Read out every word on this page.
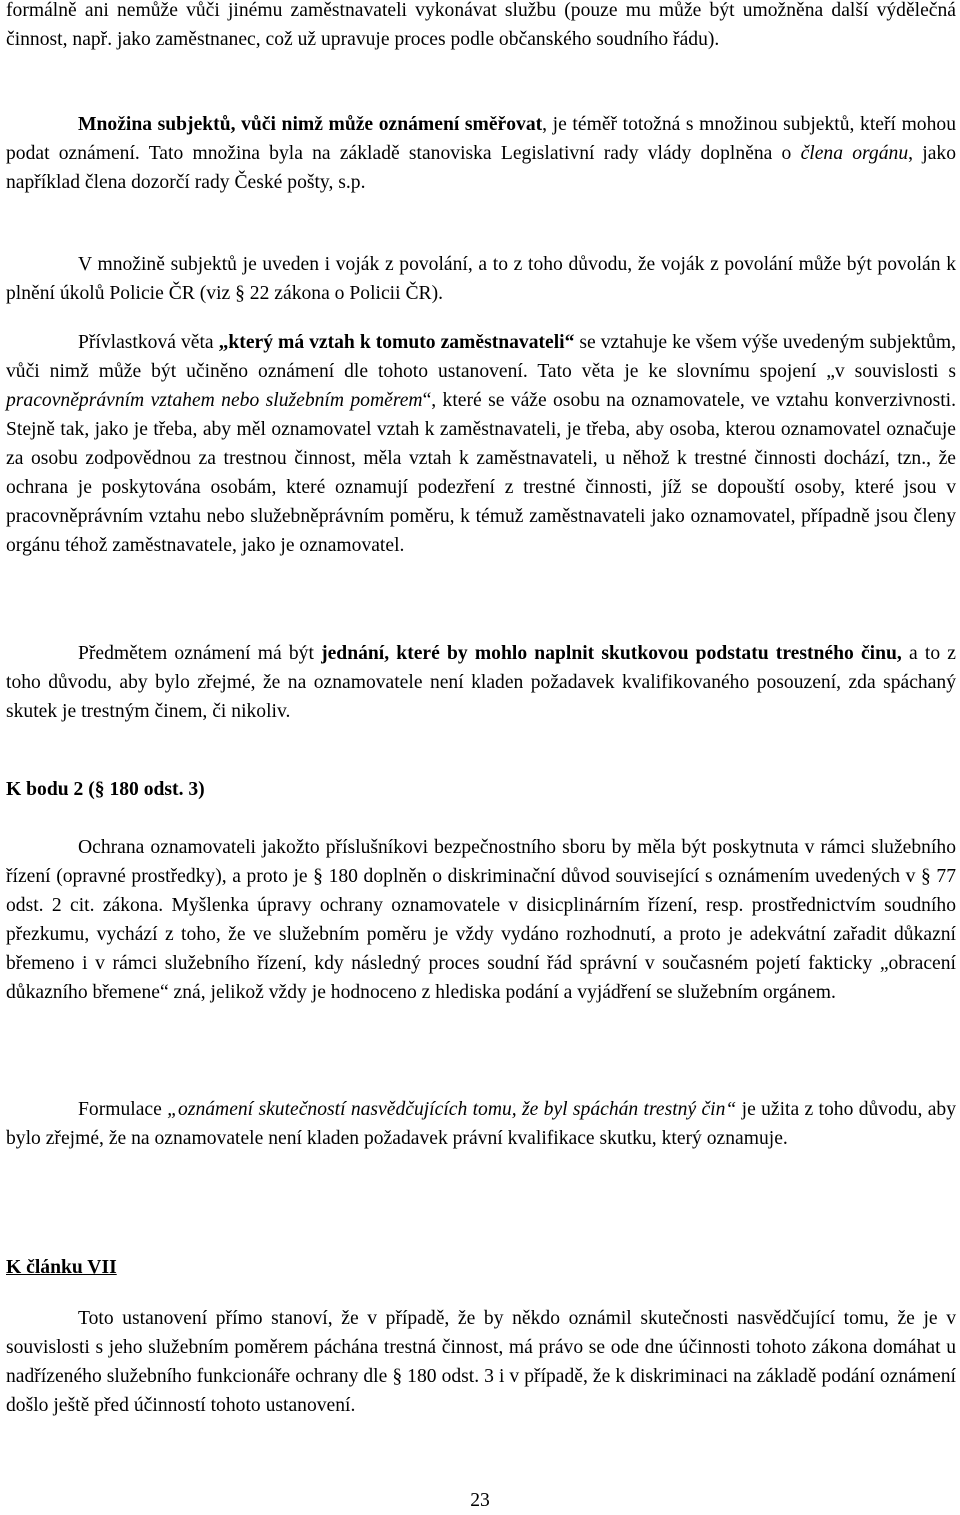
formálně ani nemůže vůči jinému zaměstnavateli vykonávat službu (pouze mu může být umožněna další výdělečná činnost, např. jako zaměstnanec, což už upravuje proces podle občanského soudního řádu).

Množina subjektů, vůči nimž může oznámení směřovat, je téměř totožná s množinou subjektů, kteří mohou podat oznámení. Tato množina byla na základě stanoviska Legislativní rady vlády doplněna o člena orgánu, jako například člena dozorčí rady České pošty, s.p.

V množině subjektů je uveden i voják z povolání, a to z toho důvodu, že voják z povolání může být povolán k plnění úkolů Policie ČR (viz § 22 zákona o Policii ČR).

Přívlastková věta „který má vztah k tomuto zaměstnavateli“ se vztahuje ke všem výše uvedeným subjektům, vůči nimž může být učiněno oznámení dle tohoto ustanovení. Tato věta je ke slovnímu spojení „v souvislosti s pracovněprávním vztahem nebo služebním poměrem“, které se váže osobu na oznamovatele, ve vztahu konverzivnosti. Stejně tak, jako je třeba, aby měl oznamovatel vztah k zaměstnavateli, je třeba, aby osoba, kterou oznamovatel označuje za osobu zodpovědnou za trestnou činnost, měla vztah k zaměstnavateli, u něhož k trestné činnosti dochází, tzn., že ochrana je poskytována osobám, které oznamují podezření z trestné činnosti, jíž se dopouští osoby, které jsou v pracovněprávním vztahu nebo služebněprávním poměru, k témuž zaměstnavateli jako oznamovatel, případně jsou členy orgánu téhož zaměstnavatele, jako je oznamovatel.

Předmětem oznámení má být jednání, které by mohlo naplnit skutkovou podstatu trestného činu, a to z toho důvodu, aby bylo zřejmé, že na oznamovatele není kladen požadavek kvalifikovaného posouzení, zda spáchaný skutek je trestným činem, či nikoliv.

K bodu 2 (§ 180 odst. 3)

Ochrana oznamovateli jakožto příslušníkovi bezpečnostního sboru by měla být poskytnuta v rámci služebního řízení (opravné prostředky), a proto je § 180 doplněn o diskriminační důvod související s oznámením uvedených v § 77 odst. 2 cit. zákona. Myšlenka úpravy ochrany oznamovatele v disicplinárním řízení, resp. prostřednictvím soudního přezkumu, vychází z toho, že ve služebním poměru je vždy vydáno rozhodnutí, a proto je adekvátní zařadit důkazní břemeno i v rámci služebního řízení, kdy následný proces soudní řád správní v současném pojetí fakticky „obracení důkazního břemene“ zná, jelikož vždy je hodnoceno z hlediska podání a vyjádření se služebním orgánem.

Formulace „oznámení skutečností nasvědčujících tomu, že byl spáchán trestný čin“ je užita z toho důvodu, aby bylo zřejmé, že na oznamovatele není kladen požadavek právní kvalifikace skutku, který oznamuje.

K článku VII

Toto ustanovení přímo stanoví, že v případě, že by někdo oznámil skutečnosti nasvědčující tomu, že je v souvislosti s jeho služebním poměrem páchána trestná činnost, má právo se ode dne účinnosti tohoto zákona domáhat u nadřízeného služebního funkcionáře ochrany dle § 180 odst. 3 i v případě, že k diskriminaci na základě podání oznámení došlo ještě před účinností tohoto ustanovení.

23
